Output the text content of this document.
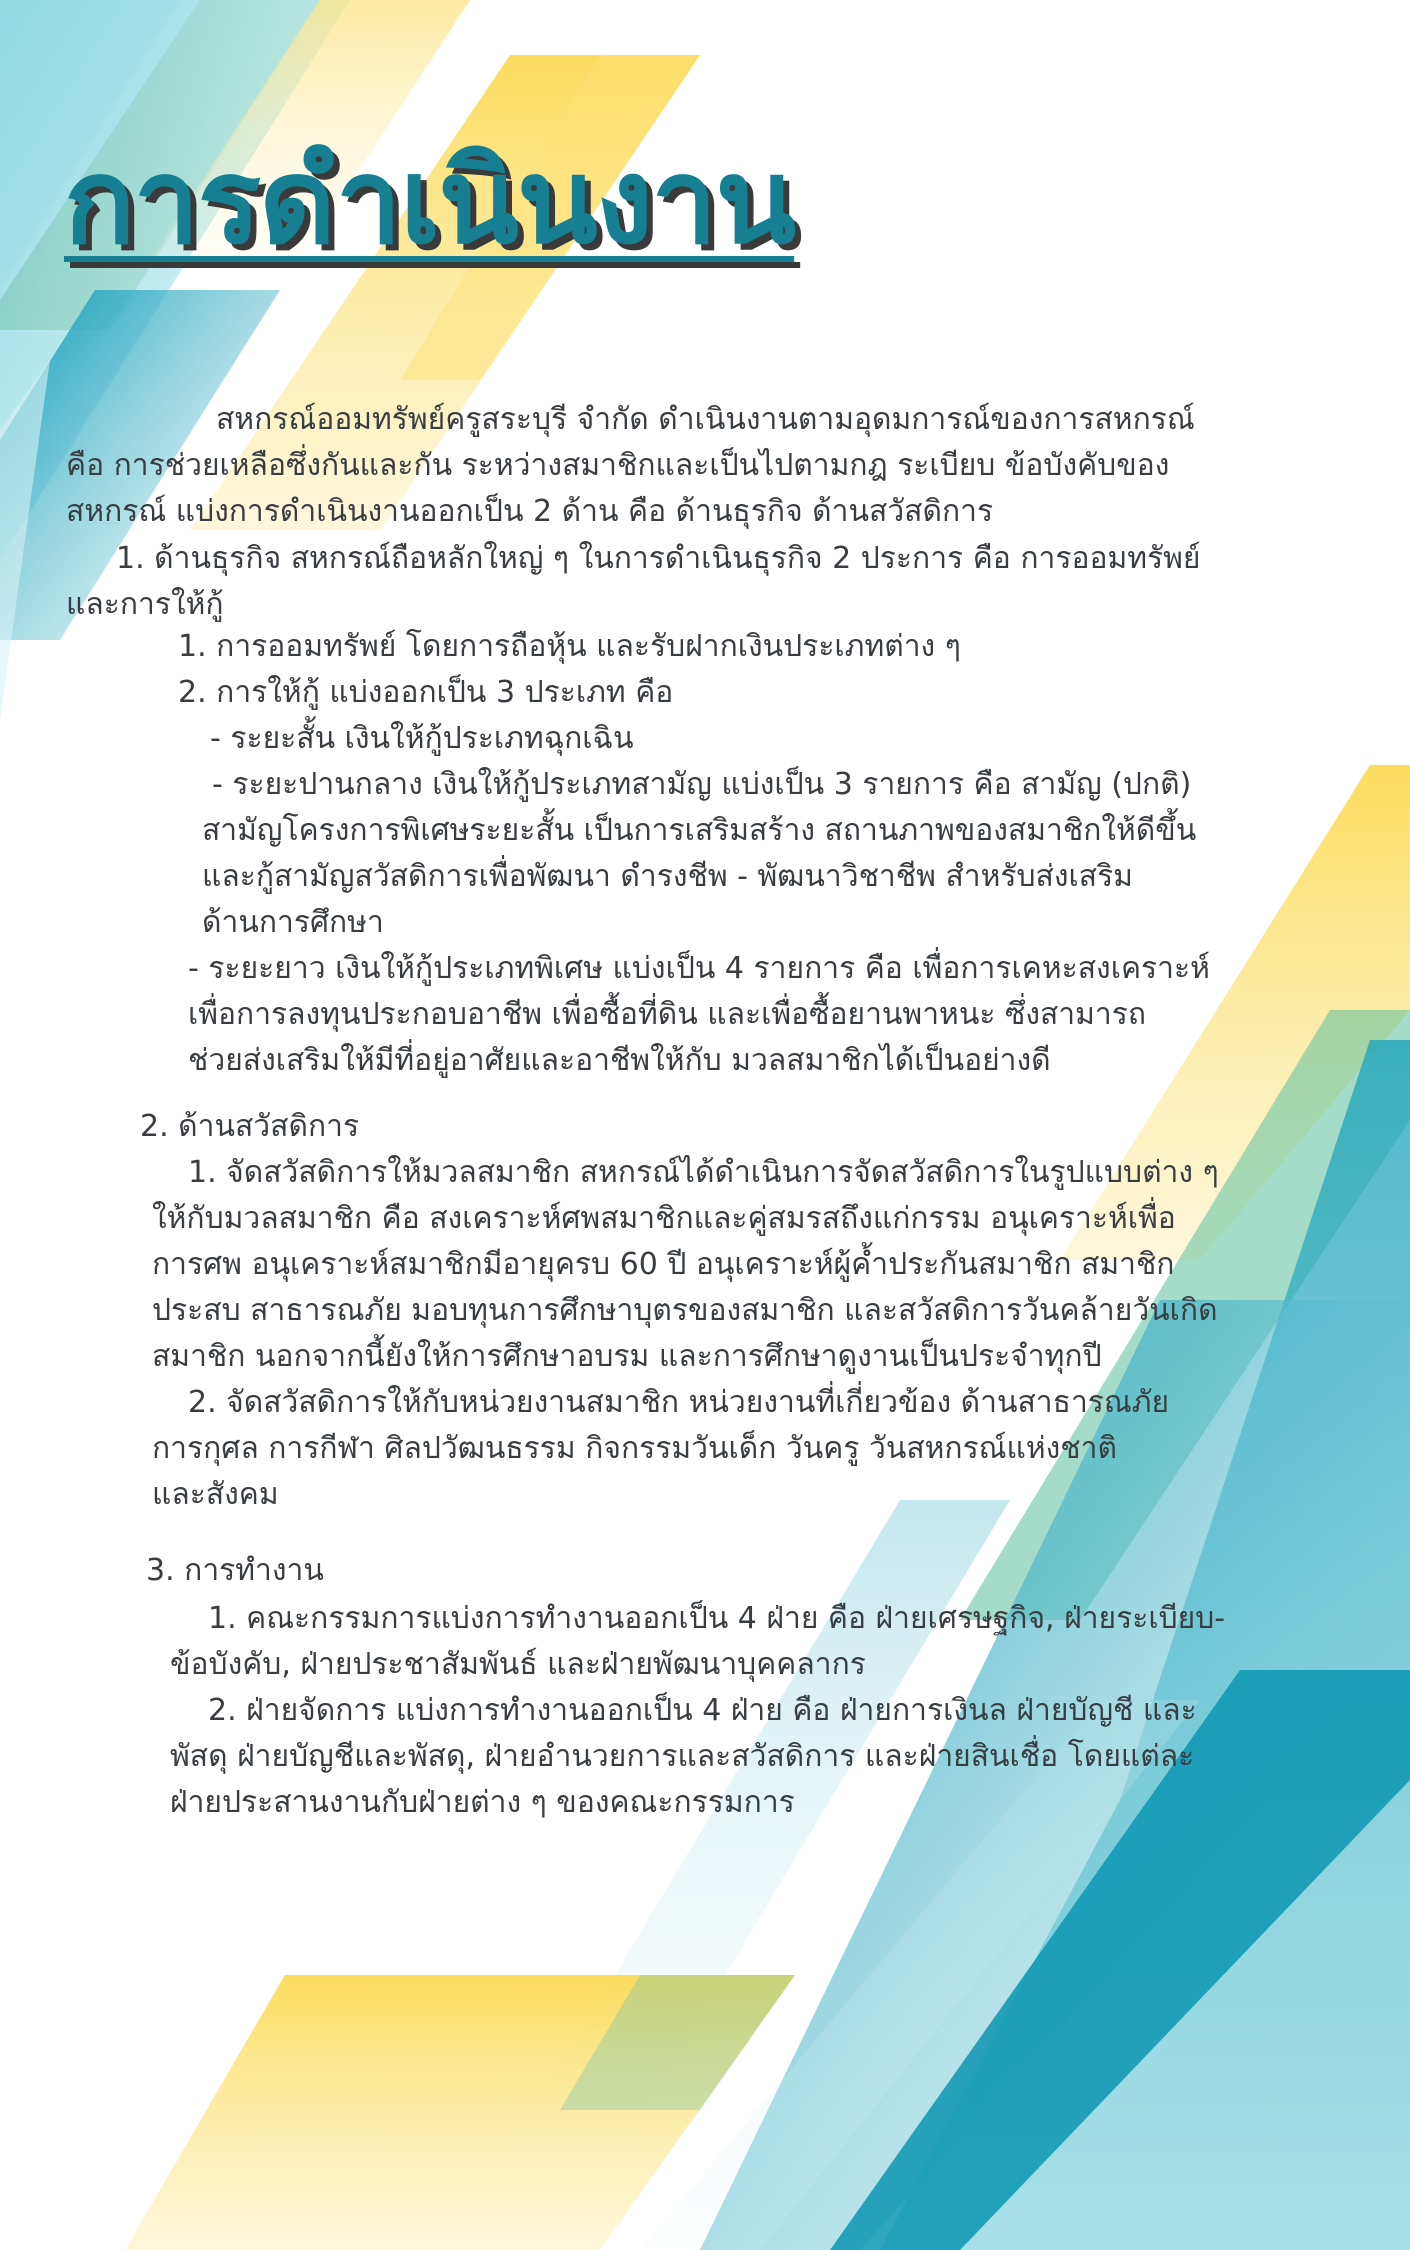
การดำเนินงาน
สหกรณ์ออมทรัพย์ครูสระบุรี จำกัด ดำเนินงานตามอุดมการณ์ของการสหกรณ์
คือ การช่วยเหลือซึ่งกันและกัน ระหว่างสมาชิกและเป็นไปตามกฎ ระเบียบ ข้อบังคับของ
สหกรณ์ แบ่งการดำเนินงานออกเป็น 2 ด้าน คือ ด้านธุรกิจ ด้านสวัสดิการ
1. ด้านธุรกิจ สหกรณ์ถือหลักใหญ่ ๆ ในการดำเนินธุรกิจ 2 ประการ คือ การออมทรัพย์
และการให้กู้
1. การออมทรัพย์ โดยการถือหุ้น และรับฝากเงินประเภทต่าง ๆ
2. การให้กู้ แบ่งออกเป็น 3 ประเภท คือ
- ระยะสั้น เงินให้กู้ประเภทฉุกเฉิน
- ระยะปานกลาง เงินให้กู้ประเภทสามัญ แบ่งเป็น 3 รายการ คือ สามัญ (ปกติ)
สามัญโครงการพิเศษระยะสั้น เป็นการเสริมสร้าง สถานภาพของสมาชิกให้ดีขึ้น
และกู้สามัญสวัสดิการเพื่อพัฒนา ดำรงชีพ - พัฒนาวิชาชีพ สำหรับส่งเสริม
ด้านการศึกษา
- ระยะยาว เงินให้กู้ประเภทพิเศษ แบ่งเป็น 4 รายการ คือ เพื่อการเคหะสงเคราะห์
เพื่อการลงทุนประกอบอาชีพ เพื่อซื้อที่ดิน และเพื่อซื้อยานพาหนะ ซึ่งสามารถ
ช่วยส่งเสริมให้มีที่อยู่อาศัยและอาชีพให้กับ มวลสมาชิกได้เป็นอย่างดี
2. ด้านสวัสดิการ
1. จัดสวัสดิการให้มวลสมาชิก สหกรณ์ได้ดำเนินการจัดสวัสดิการในรูปแบบต่าง ๆ
ให้กับมวลสมาชิก คือ สงเคราะห์ศพสมาชิกและคู่สมรสถึงแก่กรรม อนุเคราะห์เพื่อ
การศพ อนุเคราะห์สมาชิกมีอายุครบ 60 ปี อนุเคราะห์ผู้ค้ำประกันสมาชิก สมาชิก
ประสบ สาธารณภัย มอบทุนการศึกษาบุตรของสมาชิก และสวัสดิการวันคล้ายวันเกิด
สมาชิก นอกจากนี้ยังให้การศึกษาอบรม และการศึกษาดูงานเป็นประจำทุกปี
2. จัดสวัสดิการให้กับหน่วยงานสมาชิก หน่วยงานที่เกี่ยวข้อง ด้านสาธารณภัย
การกุศล การกีฬา ศิลปวัฒนธรรม กิจกรรมวันเด็ก วันครู วันสหกรณ์แห่งชาติ
และสังคม
3. การทำงาน
1. คณะกรรมการแบ่งการทำงานออกเป็น 4 ฝ่าย คือ ฝ่ายเศรษฐกิจ, ฝ่ายระเบียบ-
ข้อบังคับ, ฝ่ายประชาสัมพันธ์ และฝ่ายพัฒนาบุคคลากร
2. ฝ่ายจัดการ แบ่งการทำงานออกเป็น 4 ฝ่าย คือ ฝ่ายการเงินล ฝ่ายบัญชี และ
พัสดุ ฝ่ายบัญชีและพัสดุ, ฝ่ายอำนวยการและสวัสดิการ และฝ่ายสินเชื่อ โดยแต่ละ
ฝ่ายประสานงานกับฝ่ายต่าง ๆ ของคณะกรรมการ
